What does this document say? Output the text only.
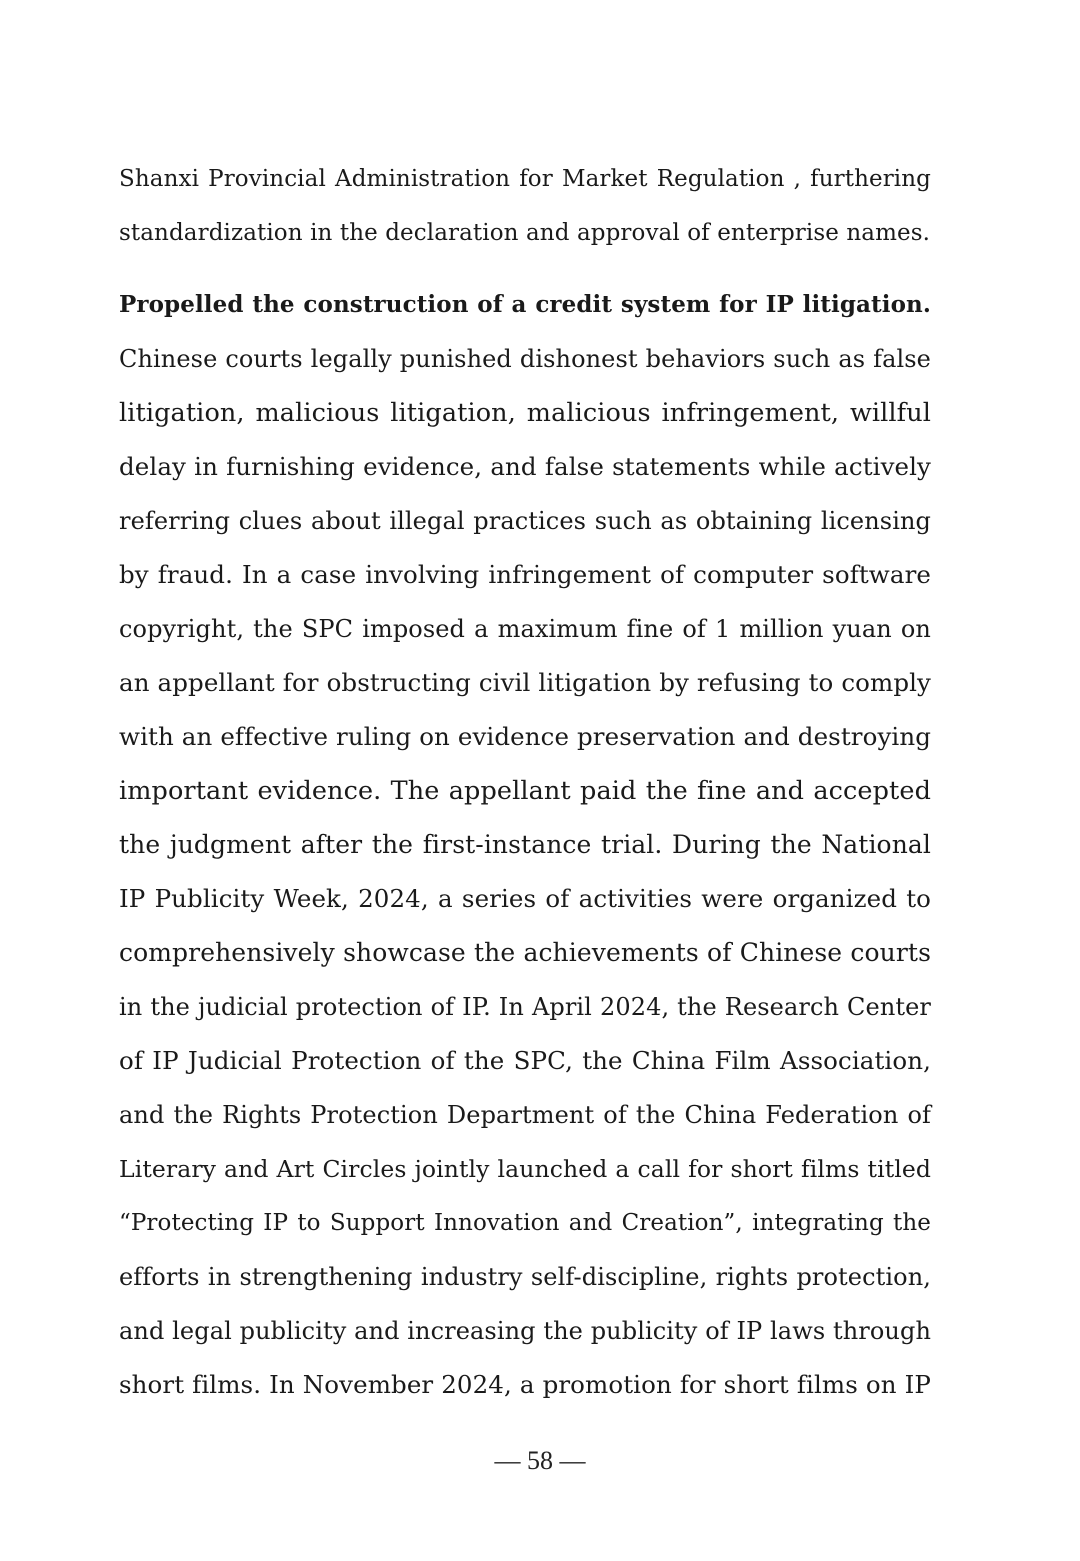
Shanxi Provincial Administration for Market Regulation , furthering
standardization in the declaration and approval of enterprise names.
Propelled the construction of a credit system for IP litigation.
Chinese courts legally punished dishonest behaviors such as false
litigation, malicious litigation, malicious infringement, willful
delay in furnishing evidence, and false statements while actively
referring clues about illegal practices such as obtaining licensing
by fraud. In a case involving infringement of computer software
copyright, the SPC imposed a maximum fine of 1 million yuan on
an appellant for obstructing civil litigation by refusing to comply
with an effective ruling on evidence preservation and destroying
important evidence. The appellant paid the fine and accepted
the judgment after the first-instance trial. During the National
IP Publicity Week, 2024, a series of activities were organized to
comprehensively showcase the achievements of Chinese courts
in the judicial protection of IP. In April 2024, the Research Center
of IP Judicial Protection of the SPC, the China Film Association,
and the Rights Protection Department of the China Federation of
Literary and Art Circles jointly launched a call for short films titled
“Protecting IP to Support Innovation and Creation”, integrating the
efforts in strengthening industry self-discipline, rights protection,
and legal publicity and increasing the publicity of IP laws through
short films. In November 2024, a promotion for short films on IP
— 58 —
